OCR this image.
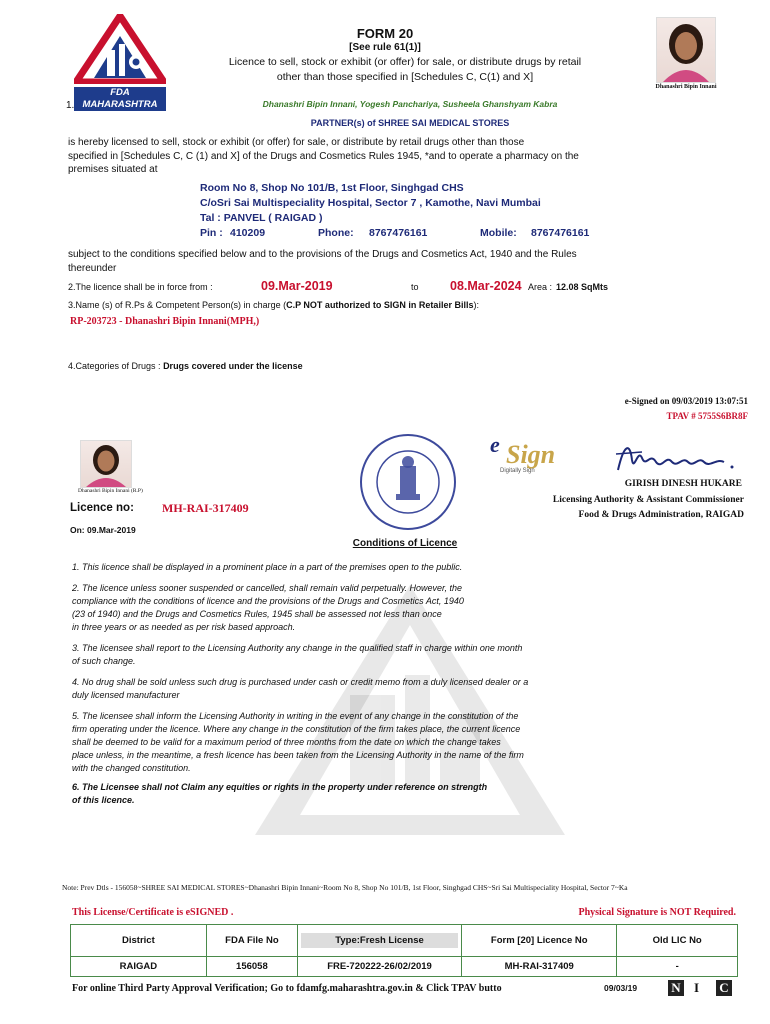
FDA MAHARASHTRA
FORM 20
[See rule 61(1)]
Licence to sell, stock or exhibit (or offer) for sale, or distribute drugs by retail
other than those specified in [Schedules C, C(1) and X]
Dhanashri Bipin Innani
1.	Dhanashri Bipin Innani, Yogesh Panchariya, Susheela Ghanshyam Kabra
PARTNER(s) of SHREE SAI MEDICAL STORES
is hereby licensed to sell, stock or exhibit (or offer) for sale, or distribute by retail drugs other than those
specified in [Schedules C, C (1) and X] of the Drugs and Cosmetics Rules 1945, *and to operate a pharmacy on the
premises situated at
Room No 8, Shop No 101/B, 1st Floor, Singhgad CHS
C/oSri Sai Multispeciality Hospital, Sector 7 , Kamothe, Navi Mumbai
Tal : PANVEL ( RAIGAD )
Pin : 410209	Phone: 8767476161	Mobile: 8767476161
subject to the conditions specified below and to the provisions of the Drugs and Cosmetics Act, 1940 and the Rules
thereunder
2.The licence shall be in force from :	09.Mar-2019	to	08.Mar-2024 Area : 12.08 SqMts
3.Name (s) of R.Ps & Competent Person(s) in charge (C.P NOT authorized to SIGN in Retailer Bills):
RP-203723 - Dhanashri Bipin Innani(MPH,)
4.Categories of Drugs : Drugs covered under the license
e-Signed on 09/03/2019 13:07:51
TPAV # 5755S6BR8F
Dhanashri Bipin Innani (R.P)
e Sign
Digitally Sign
GIRISH DINESH HUKARE
Licensing Authority & Assistant Commissioner
Food & Drugs Administration, RAIGAD
Licence no: MH-RAI-317409
On: 09.Mar-2019
Conditions of Licence
1. This licence shall be displayed in a prominent place in a part of the premises open to the public.
2. The licence unless sooner suspended or cancelled, shall remain valid perpetually. However, the
compliance with the conditions of licence and the provisions of the Drugs and Cosmetics Act, 1940
(23 of 1940) and the Drugs and Cosmetics Rules, 1945 shall be assessed not less than once
in three years or as needed as per risk based approach.
3. The licensee shall report to the Licensing Authority any change in the qualified staff in charge within one month
of such change.
4. No drug shall be sold unless such drug is purchased under cash or credit memo from a duly licensed dealer or a
duly licensed manufacturer
5. The licensee shall inform the Licensing Authority in writing in the event of any change in the constitution of the
firm operating under the licence. Where any change in the constitution of the firm takes place, the current licence
shall be deemed to be valid for a maximum period of three months from the date on which the change takes
place unless, in the meantime, a fresh licence has been taken from the Licensing Authority in the name of the firm
with the changed constitution.
6. The Licensee shall not Claim any equities or rights in the property under reference on strength
of this licence.
Note: Prev Dtls - 156058~SHREE SAI MEDICAL STORES~Dhanashri Bipin Innani~Room No 8, Shop No 101/B, 1st Floor, Singhgad CHS~Sri Sai Multispeciality Hospital, Sector 7~Ka
This License/Certificate is eSIGNED .	Physical Signature is NOT Required.
District	FDA File No	Type:Fresh License	Form [20] Licence No	Old LIC No
RAIGAD	156058	FRE-720222-26/02/2019	MH-RAI-317409	-
For online Third Party Approval Verification; Go to fdamfg.maharashtra.gov.in & Click TPAV butto	09/03/19	N I C
